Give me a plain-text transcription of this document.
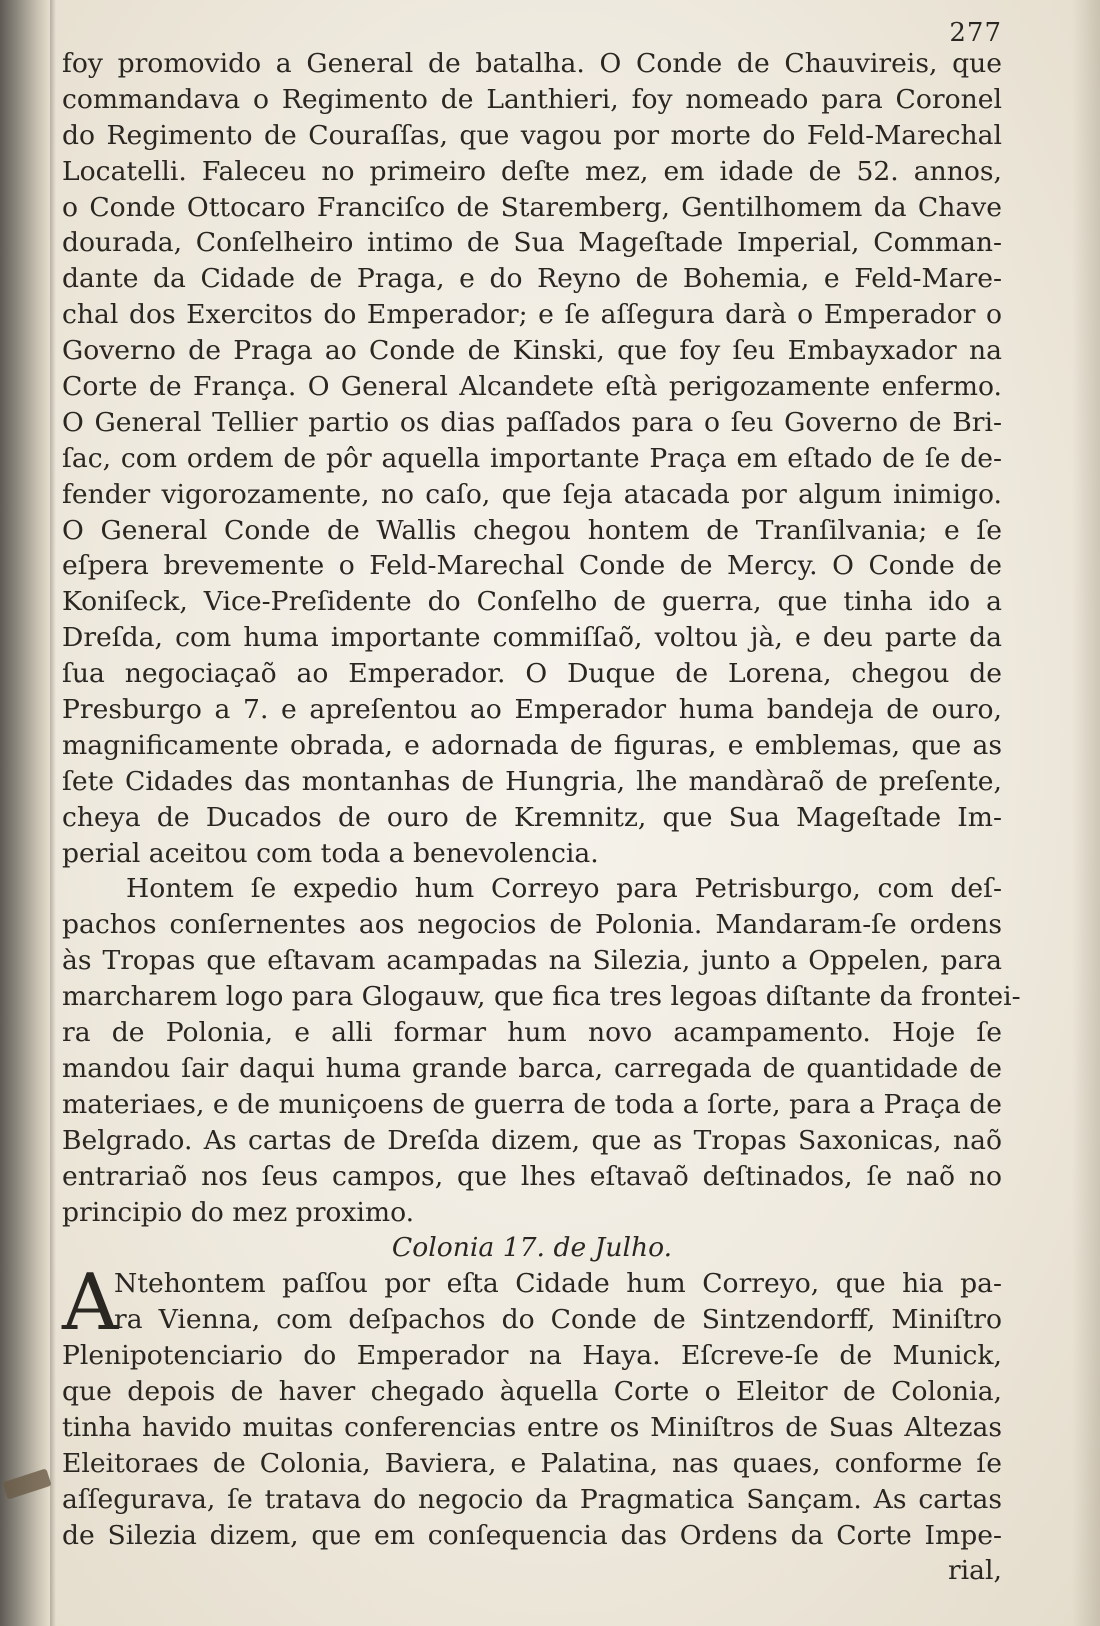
277
foy promovido a General de batalha. O Conde de Chauvireis, que
commandava o Regimento de Lanthieri, foy nomeado para Coronel
do Regimento de Couraſſas, que vagou por morte do Feld-Marechal
Locatelli. Faleceu no primeiro deſte mez, em idade de 52. annos,
o Conde Ottocaro Franciſco de Staremberg, Gentilhomem da Chave
dourada, Conſelheiro intimo de Sua Mageſtade Imperial, Comman-
dante da Cidade de Praga, e do Reyno de Bohemia, e Feld-Mare-
chal dos Exercitos do Emperador; e ſe aſſegura darà o Emperador o
Governo de Praga ao Conde de Kinski, que foy ſeu Embayxador na
Corte de França. O General Alcandete eſtà perigozamente enfermo.
O General Tellier partio os dias paſſados para o ſeu Governo de Bri-
ſac, com ordem de pôr aquella importante Praça em eſtado de ſe de-
fender vigorozamente, no caſo, que ſeja atacada por algum inimigo.
O General Conde de Wallis chegou hontem de Tranſilvania; e ſe
eſpera brevemente o Feld-Marechal Conde de Mercy. O Conde de
Koniſeck, Vice-Preſidente do Conſelho de guerra, que tinha ido a
Dreſda, com huma importante commiſſaõ, voltou jà, e deu parte da
ſua negociaçaõ ao Emperador. O Duque de Lorena, chegou de
Presburgo a 7. e apreſentou ao Emperador huma bandeja de ouro,
magnificamente obrada, e adornada de figuras, e emblemas, que as
ſete Cidades das montanhas de Hungria, lhe mandàraõ de preſente,
cheya de Ducados de ouro de Kremnitz, que Sua Mageſtade Im-
perial aceitou com toda a benevolencia.
Hontem ſe expedio hum Correyo para Petrisburgo, com deſ-
pachos conſernentes aos negocios de Polonia. Mandaram-ſe ordens
às Tropas que eſtavam acampadas na Silezia, junto a Oppelen, para
marcharem logo para Glogauw, que fica tres legoas diſtante da frontei-
ra de Polonia, e alli formar hum novo acampamento. Hoje ſe
mandou ſair daqui huma grande barca, carregada de quantidade de
materiaes, e de muniçoens de guerra de toda a ſorte, para a Praça de
Belgrado. As cartas de Dreſda dizem, que as Tropas Saxonicas, naõ
entrariaõ nos ſeus campos, que lhes eſtavaõ deſtinados, ſe naõ no
principio do mez proximo.
Colonia 17. de Julho.
A
Ntehontem paſſou por eſta Cidade hum Correyo, que hia pa-
ra Vienna, com deſpachos do Conde de Sintzendorff, Miniſtro
Plenipotenciario do Emperador na Haya. Eſcreve-ſe de Munick,
que depois de haver chegado àquella Corte o Eleitor de Colonia,
tinha havido muitas conferencias entre os Miniſtros de Suas Altezas
Eleitoraes de Colonia, Baviera, e Palatina, nas quaes, conforme ſe
aſſegurava, ſe tratava do negocio da Pragmatica Sançam. As cartas
de Silezia dizem, que em conſequencia das Ordens da Corte Impe-
rial,
